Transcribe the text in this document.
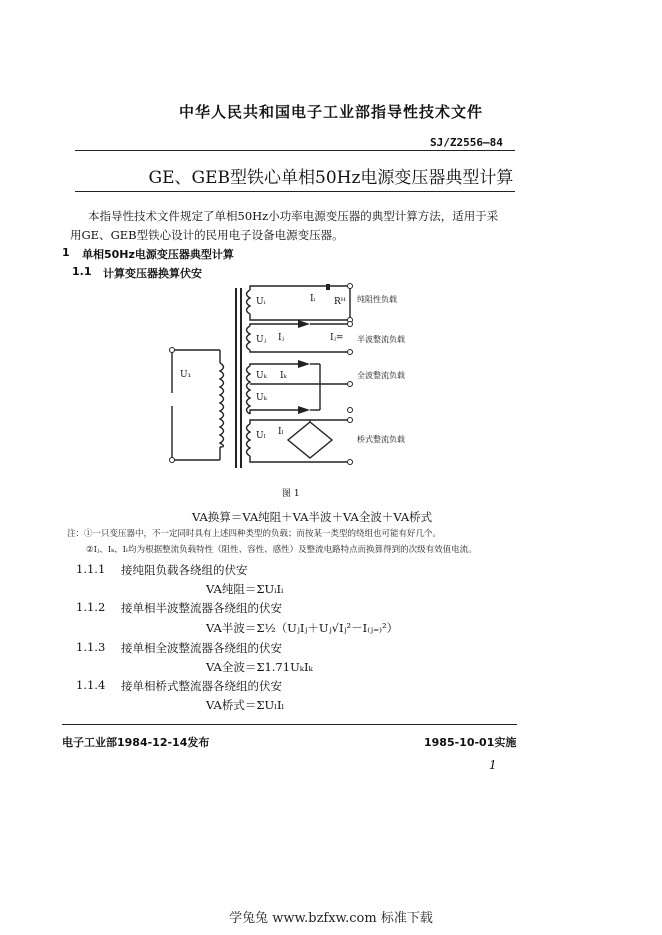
中华人民共和国电子工业部指导性技术文件
SJ/Z2556—84
GE、GEB型铁心单相50Hz电源变压器典型计算
本指导性技术文件规定了单相50Hz小功率电源变压器的典型计算方法，适用于采
用GE、GEB型铁心设计的民用电子设备电源变压器。
1 单相50Hz电源变压器典型计算
1.1 计算变压器换算伏安
U₁
Uᵢ	Iᵢ Rᴴ
Uⱼ Iⱼ	Iⱼ=
Uₖ Iₖ
Uₖ
Uₗ Iₗ
纯阻性负载
半波整流负载
全波整流负载
桥式整流负载
图 1
VA换算＝VA纯阻＋VA半波＋VA全波＋VA桥式
注：①一只变压器中，不一定同时具有上述四种类型的负载；而按某一类型的绕组也可能有好几个。
②Iⱼ、Iₖ、Iₗ均为根据整流负载特性（阻性、容性、感性）及整流电路特点而换算得到的次级有效值电流。
1.1.1 接纯阻负载各绕组的伏安
VA纯阻＝ΣUᵢIᵢ
1.1.2 接单相半波整流器各绕组的伏安
VA半波＝Σ½（UⱼIⱼ＋Uⱼ√Iⱼ²－I₍ⱼ₌₎²）
1.1.3 接单相全波整流器各绕组的伏安
VA全波＝Σ1.71UₖIₖ
1.1.4 接单相桥式整流器各绕组的伏安
VA桥式＝ΣUₗIₗ
电子工业部1984-12-14发布	1985-10-01实施
1
学兔兔 www.bzfxw.com 标准下载
